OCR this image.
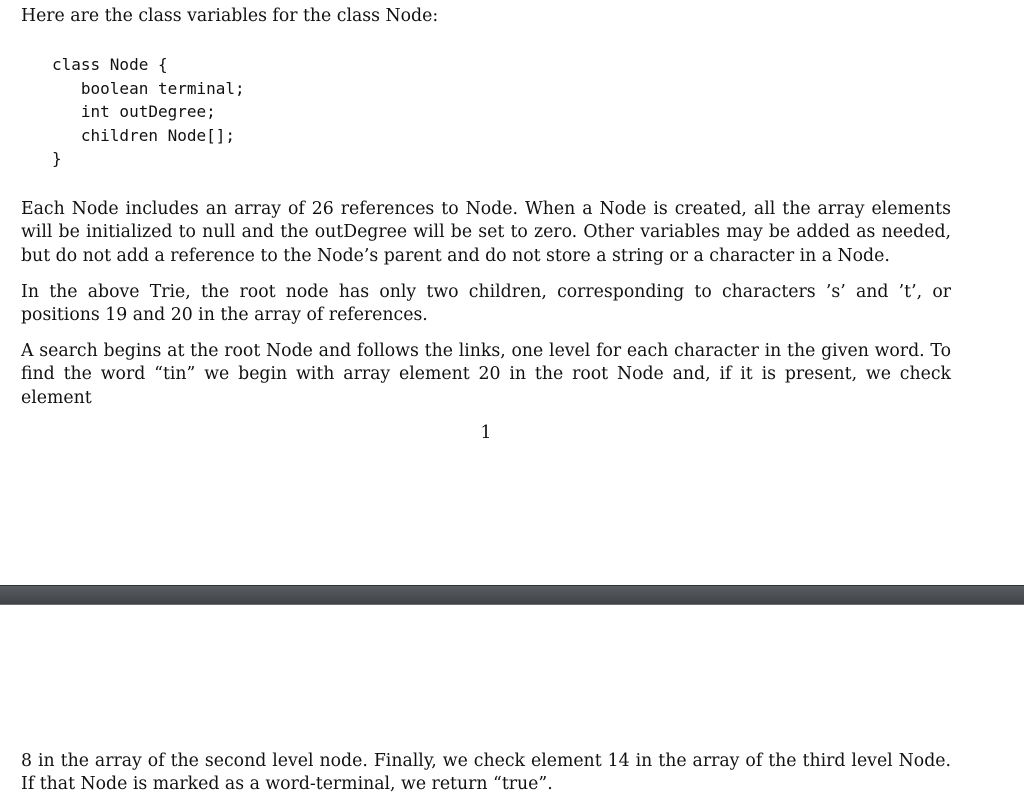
Here are the class variables for the class Node:

class Node {
boolean terminal;
int outDegree;
children Node[];
}

Each Node includes an array of 26 references to Node. When a Node is created, all the array elements will be initialized to null and the outDegree will be set to zero. Other variables may be added as needed, but do not add a reference to the Node’s parent and do not store a string or a character in a Node.

In the above Trie, the root node has only two children, corresponding to characters ’s’ and ’t’, or positions 19 and 20 in the array of references.

A search begins at the root Node and follows the links, one level for each character in the given word. To find the word “tin” we begin with array element 20 in the root Node and, if it is present, we check element

1

8 in the array of the second level node. Finally, we check element 14 in the array of the third level Node. If that Node is marked as a word-terminal, we return “true”.
